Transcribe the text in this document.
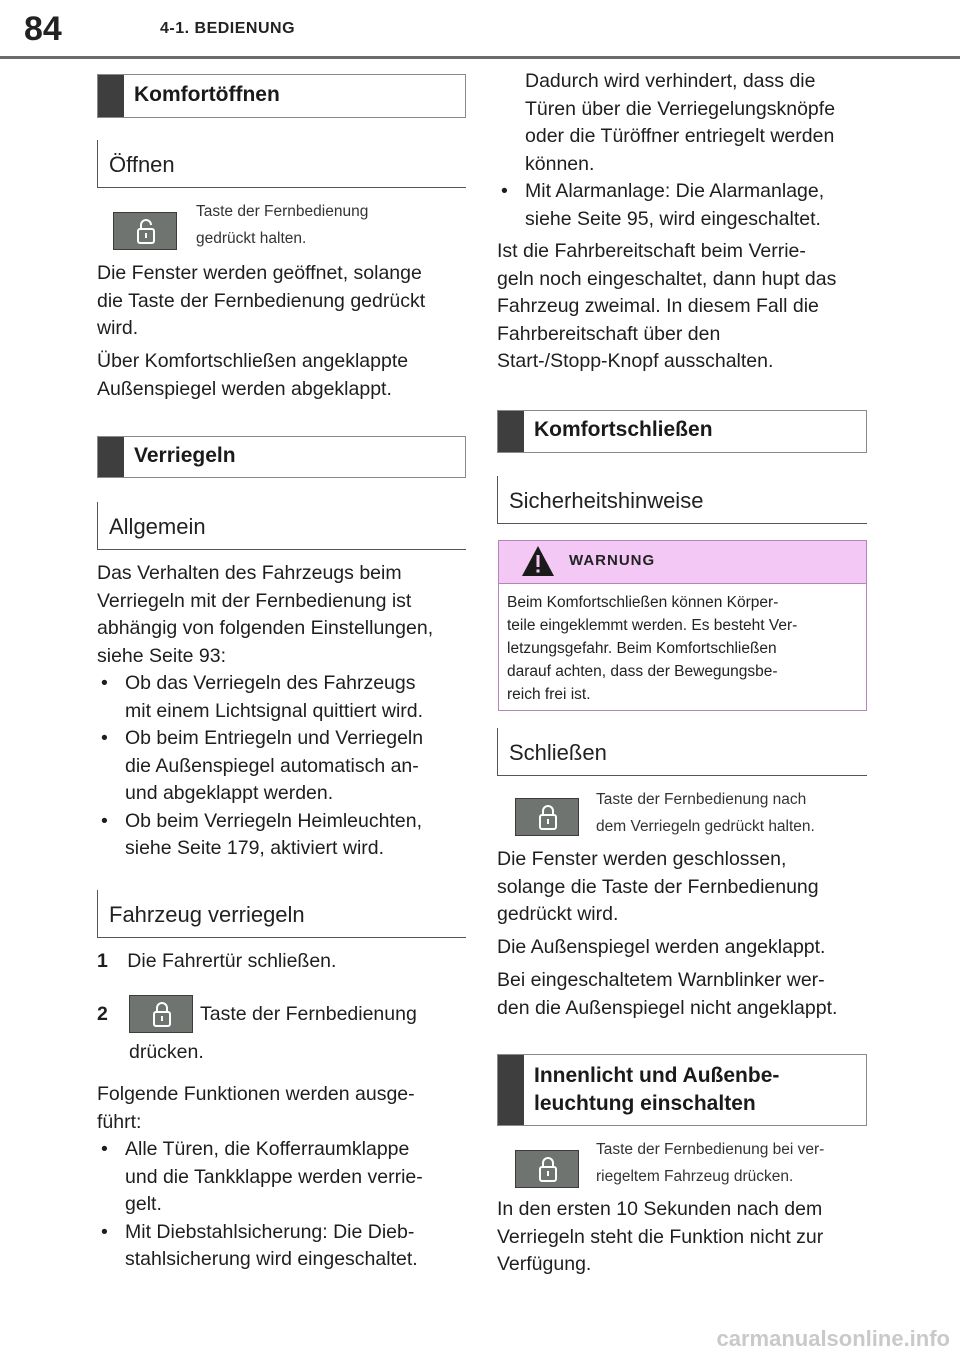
84	4-1. BEDIENUNG
Komfortöffnen
Öffnen
Taste der Fernbedienung
gedrückt halten.

Die Fenster werden geöffnet, solange

die Taste der Fernbedienung gedrückt

wird.

Über Komfortschließen angeklappte

Außenspiegel werden abgeklappt.

Verriegeln
Allgemein

Das Verhalten des Fahrzeugs beim

Verriegeln mit der Fernbedienung ist

abhängig von folgenden Einstellungen,

siehe Seite 93:

• Ob das Verriegeln des Fahrzeugs

mit einem Lichtsignal quittiert wird.

• Ob beim Entriegeln und Verriegeln

die Außenspiegel automatisch an-

und abgeklappt werden.

• Ob beim Verriegeln Heimleuchten,

siehe Seite 179, aktiviert wird.

Fahrzeug verriegeln
1 Die Fahrertür schließen.
2	Taste der Fernbedienung
drücken.

Folgende Funktionen werden ausge-

führt:

• Alle Türen, die Kofferraumklappe

und die Tankklappe werden verrie-

gelt.

• Mit Diebstahlsicherung: Die Dieb-

stahlsicherung wird eingeschaltet.

Dadurch wird verhindert, dass die

Türen über die Verriegelungsknöpfe

oder die Türöffner entriegelt werden

können.

• Mit Alarmanlage: Die Alarmanlage,

siehe Seite 95, wird eingeschaltet.

Ist die Fahrbereitschaft beim Verrie-

geln noch eingeschaltet, dann hupt das

Fahrzeug zweimal. In diesem Fall die

Fahrbereitschaft über den

Start-/Stopp-Knopf ausschalten.

Komfortschließen
Sicherheitshinweise
WARNUNG
Beim Komfortschließen können Körper-
teile eingeklemmt werden. Es besteht Ver-
letzungsgefahr. Beim Komfortschließen
darauf achten, dass der Bewegungsbe-
reich frei ist.
Schließen
Taste der Fernbedienung nach
dem Verriegeln gedrückt halten.

Die Fenster werden geschlossen,

solange die Taste der Fernbedienung

gedrückt wird.

Die Außenspiegel werden angeklappt.

Bei eingeschaltetem Warnblinker wer-

den die Außenspiegel nicht angeklappt.

Innenlicht und Außenbe-
leuchtung einschalten
Taste der Fernbedienung bei ver-
riegeltem Fahrzeug drücken.

In den ersten 10 Sekunden nach dem

Verriegeln steht die Funktion nicht zur

Verfügung.

carmanualsonline.info
